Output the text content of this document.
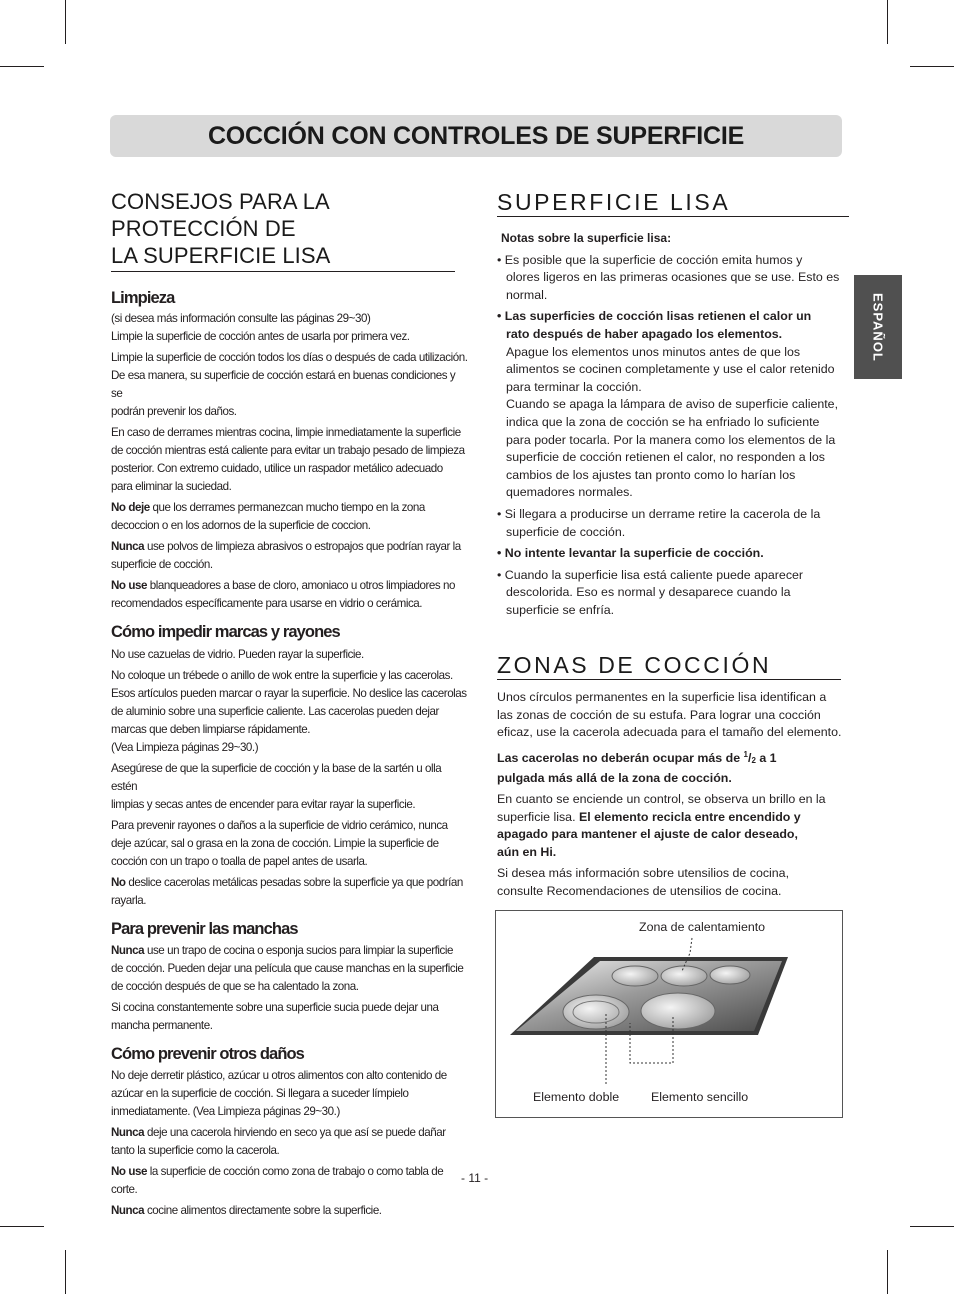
COCCIÓN CON CONTROLES DE SUPERFICIE
ESPAÑOL
CONSEJOS PARA LA PROTECCIÓN DE
LA SUPERFICIE LISA
Limpieza

(si desea más información consulte las páginas 29~30)

Limpie la superficie de cocción antes de usarla por primera vez.

Limpie la superficie de cocción todos los días o después de cada utilización.

De esa manera, su superficie de cocción estará en buenas condiciones y se

podrán prevenir los daños.

En caso de derrames mientras cocina, limpie inmediatamente la superficie

de cocción mientras está caliente para evitar un trabajo pesado de limpieza

posterior. Con extremo cuidado, utilice un raspador metálico adecuado

para eliminar la suciedad.

No deje que los derrames permanezcan mucho tiempo en la zona

decoccion o en los adornos de la superficie de coccion.

Nunca use polvos de limpieza abrasivos o estropajos que podrían rayar la

superficie de cocción.

No use blanqueadores a base de cloro, amoniaco u otros limpiadores no

recomendados específicamente para usarse en vidrio o cerámica.

Cómo impedir marcas y rayones

No use cazuelas de vidrio. Pueden rayar la superficie.

No coloque un trébede o anillo de wok entre la superficie y las cacerolas.

Esos artículos pueden marcar o rayar la superficie. No deslice las cacerolas

de aluminio sobre una superficie caliente. Las cacerolas pueden dejar

marcas que deben limpiarse rápidamente.

(Vea Limpieza páginas 29~30.)

Asegúrese de que la superficie de cocción y la base de la sartén u olla estén

limpias y secas antes de encender para evitar rayar la superficie.

Para prevenir rayones o daños a la superficie de vidrio cerámico, nunca

deje azúcar, sal o grasa en la zona de cocción. Limpie la superficie de

cocción con un trapo o toalla de papel antes de usarla.

No deslice cacerolas metálicas pesadas sobre la superficie ya que podrían

rayarla.

Para prevenir las manchas

Nunca use un trapo de cocina o esponja sucios para limpiar la superficie

de cocción. Pueden dejar una película que cause manchas en la superficie

de cocción después de que se ha calentado la zona.

Si cocina constantemente sobre una superficie sucia puede dejar una

mancha permanente.

Cómo prevenir otros daños

No deje derretir plástico, azúcar u otros alimentos con alto contenido de

azúcar en la superficie de cocción. Si llegara a suceder límpielo

inmediatamente. (Vea Limpieza páginas 29~30.)

Nunca deje una cacerola hirviendo en seco ya que así se puede dañar

tanto la superficie como la cacerola.

No use la superficie de cocción como zona de trabajo o como tabla de

corte.

Nunca cocine alimentos directamente sobre la superficie.

SUPERFICIE LISA

Notas sobre la superficie lisa:

• Es posible que la superficie de cocción emita humos y

olores ligeros en las primeras ocasiones que se use. Esto es

normal.

• Las superficies de cocción lisas retienen el calor un

rato después de haber apagado los elementos.

Apague los elementos unos minutos antes de que los

alimentos se cocinen completamente y use el calor retenido

para terminar la cocción.

Cuando se apaga la lámpara de aviso de superficie caliente,

indica que la zona de cocción se ha enfriado lo suficiente

para poder tocarla. Por la manera como los elementos de la

superficie de cocción retienen el calor, no responden a los

cambios de los ajustes tan pronto como lo harían los

quemadores normales.

• Si llegara a producirse un derrame retire la cacerola de la

superficie de cocción.

• No intente levantar la superficie de cocción.

• Cuando la superficie lisa está caliente puede aparecer

descolorida. Eso es normal y desaparece cuando la

superficie se enfría.

ZONAS DE COCCIÓN

Unos círculos permanentes en la superficie lisa identifican a

las zonas de cocción de su estufa. Para lograr una cocción

eficaz, use la cacerola adecuada para el tamaño del elemento.

Las cacerolas no deberán ocupar más de $^1/_2$ a 1

pulgada más allá de la zona de cocción.

En cuanto se enciende un control, se observa un brillo en la

superficie lisa. El elemento recicla entre encendido y

apagado para mantener el ajuste de calor deseado,

aún en Hi.

Si desea más información sobre utensilios de cocina,

consulte Recomendaciones de utensilios de cocina.

Zona de calentamiento
Elemento doble	Elemento sencillo
- 11 -
